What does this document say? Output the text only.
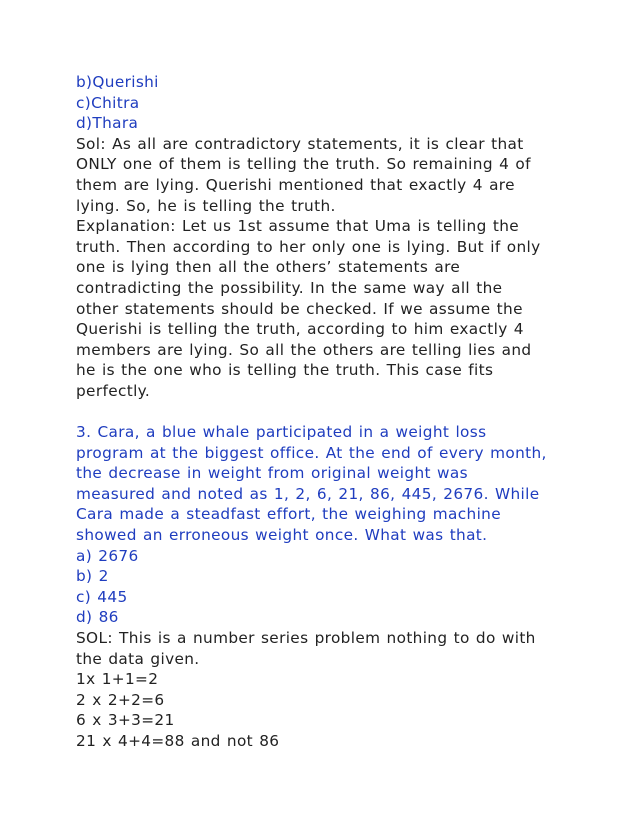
b)Querishi
c)Chitra
d)Thara
Sol: As all are contradictory statements, it is clear that
ONLY one of them is telling the truth. So remaining 4 of
them are lying. Querishi mentioned that exactly 4 are
lying. So, he is telling the truth.
Explanation: Let us 1st assume that Uma is telling the
truth. Then according to her only one is lying. But if only
one is lying then all the others’ statements are
contradicting the possibility. In the same way all the
other statements should be checked. If we assume the
Querishi is telling the truth, according to him exactly 4
members are lying. So all the others are telling lies and
he is the one who is telling the truth. This case fits
perfectly.
3. Cara, a blue whale participated in a weight loss
program at the biggest office. At the end of every month,
the decrease in weight from original weight was
measured and noted as 1, 2, 6, 21, 86, 445, 2676. While
Cara made a steadfast effort, the weighing machine
showed an erroneous weight once. What was that.
a) 2676
b) 2
c) 445
d) 86
SOL: This is a number series problem nothing to do with
the data given.
1x 1+1=2
2 x 2+2=6
6 x 3+3=21
21 x 4+4=88 and not 86
